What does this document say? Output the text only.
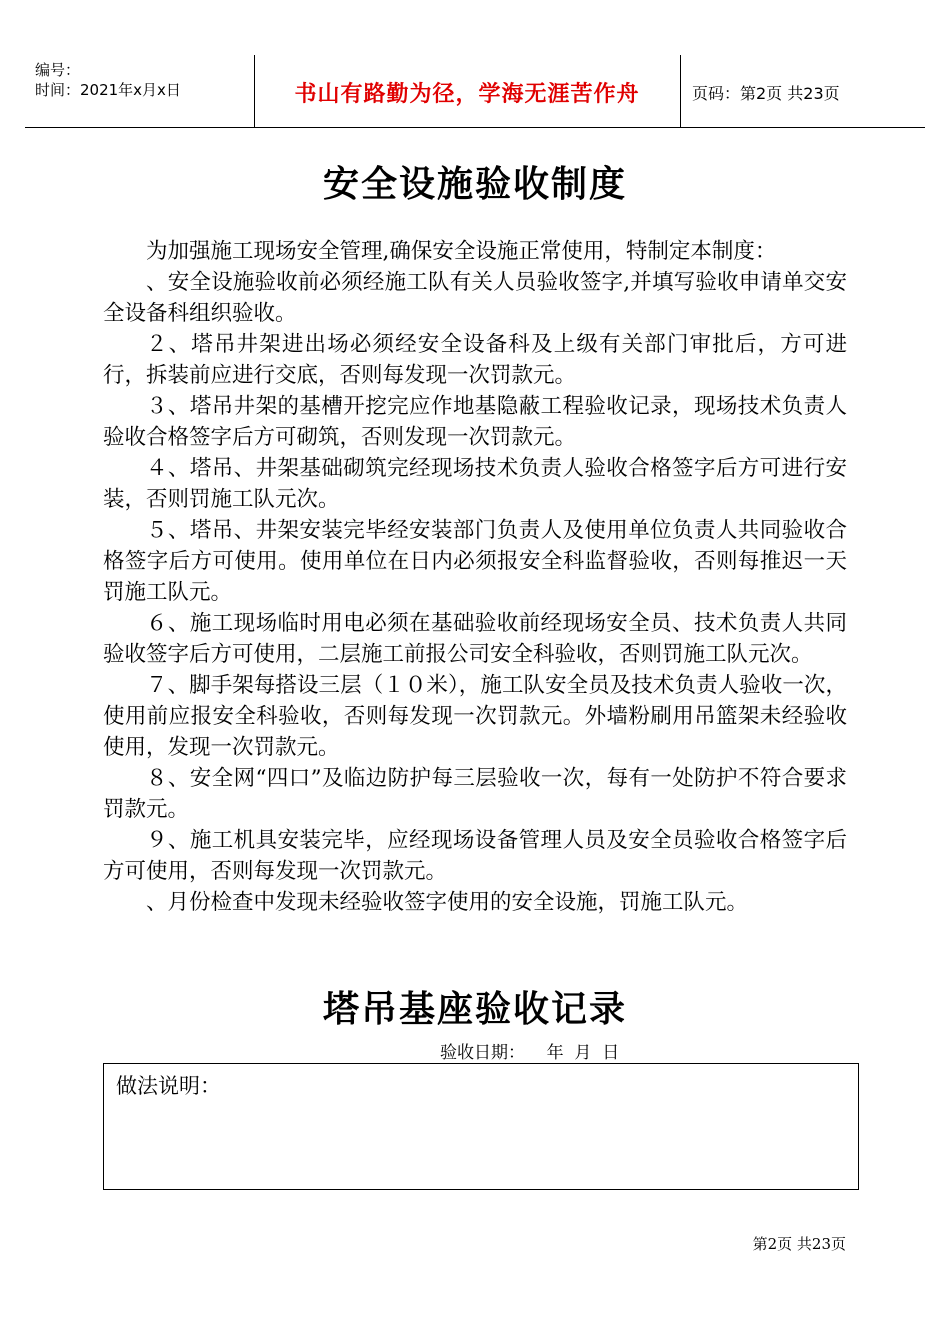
编号：
时间：2021年x月x日	书山有路勤为径，学海无涯苦作舟	页码：第2页 共23页
安全设施验收制度

为加强施工现场安全管理,确保安全设施正常使用，特制定本制度：

、安全设施验收前必须经施工队有关人员验收签字,并填写验收申请单交安全设备科组织验收。

２、塔吊井架进出场必须经安全设备科及上级有关部门审批后，方可进行，拆装前应进行交底，否则每发现一次罚款元。

３、塔吊井架的基槽开挖完应作地基隐蔽工程验收记录，现场技术负责人验收合格签字后方可砌筑，否则发现一次罚款元。

４、塔吊、井架基础砌筑完经现场技术负责人验收合格签字后方可进行安装，否则罚施工队元次。

５、塔吊、井架安装完毕经安装部门负责人及使用单位负责人共同验收合格签字后方可使用。使用单位在日内必须报安全科监督验收，否则每推迟一天罚施工队元。

６、施工现场临时用电必须在基础验收前经现场安全员、技术负责人共同验收签字后方可使用，二层施工前报公司安全科验收，否则罚施工队元次。

７、脚手架每搭设三层（１０米），施工队安全员及技术负责人验收一次，使用前应报安全科验收，否则每发现一次罚款元。外墙粉刷用吊篮架未经验收使用，发现一次罚款元。

８、安全网“四口”及临边防护每三层验收一次，每有一处防护不符合要求罚款元。

９、施工机具安装完毕，应经现场设备管理人员及安全员验收合格签字后方可使用，否则每发现一次罚款元。

、月份检查中发现未经验收签字使用的安全设施，罚施工队元。

塔吊基座验收记录
验收日期：    年  月  日
做法说明：
第2页 共23页
